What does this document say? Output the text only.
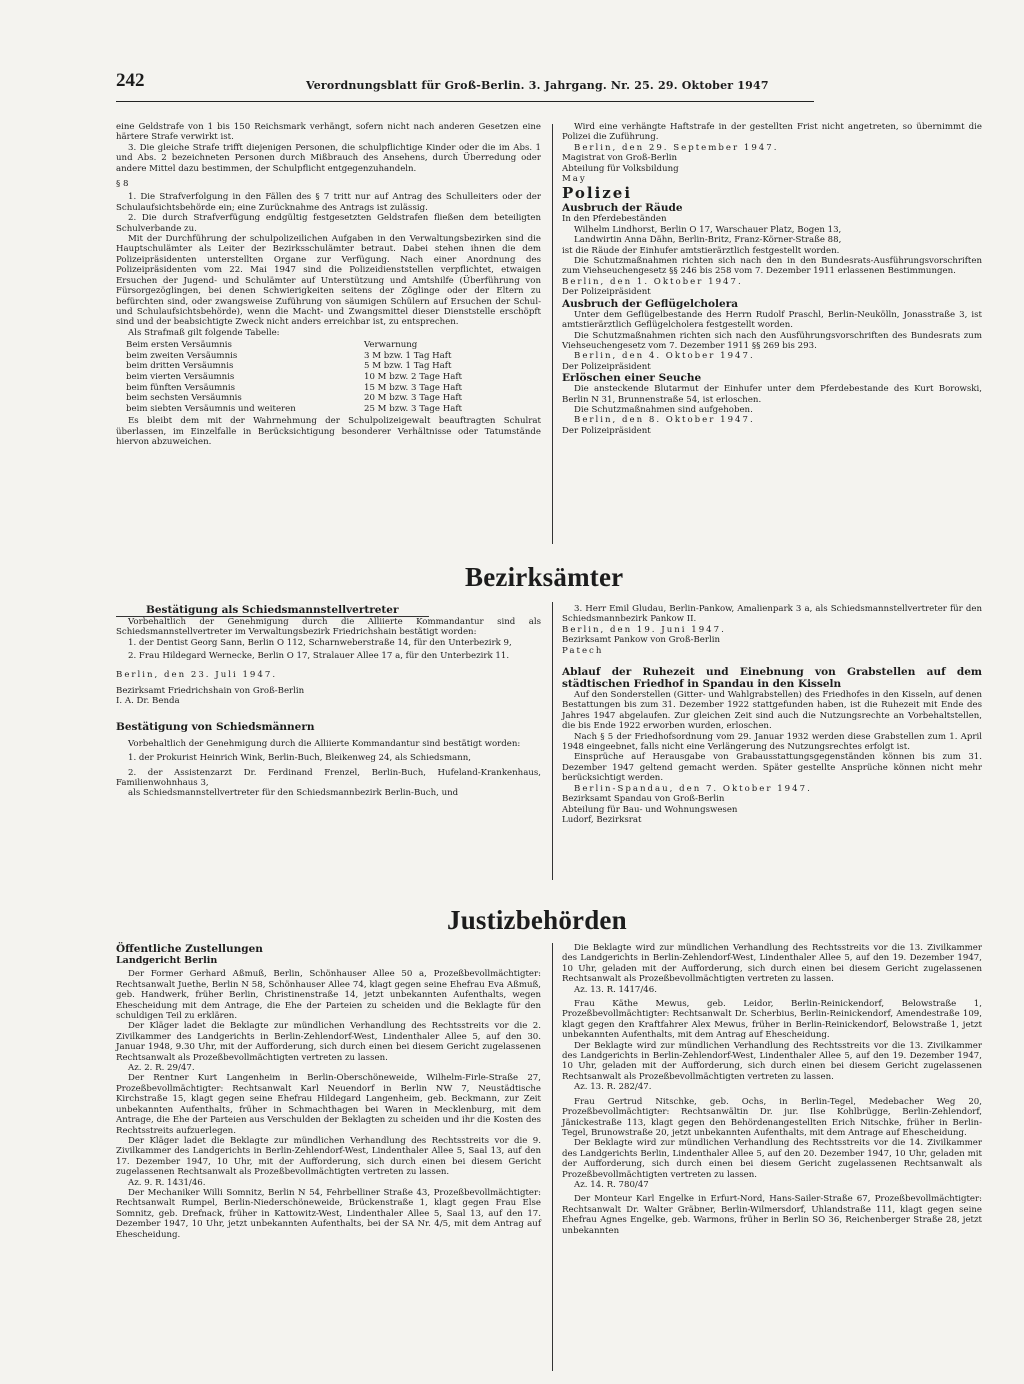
242	Verordnungsblatt für Groß-Berlin. 3. Jahrgang. Nr. 25. 29. Oktober 1947

eine Geldstrafe von 1 bis 150 Reichsmark verhängt, sofern nicht nach anderen Gesetzen eine härtere Strafe verwirkt ist.

3. Die gleiche Strafe trifft diejenigen Personen, die schulpflichtige Kinder oder die im Abs. 1 und Abs. 2 bezeichneten Personen durch Mißbrauch des Ansehens, durch Überredung oder andere Mittel dazu bestimmen, der Schulpflicht entgegenzuhandeln.

§ 8

1. Die Strafverfolgung in den Fällen des § 7 tritt nur auf Antrag des Schulleiters oder der Schulaufsichtsbehörde ein; eine Zurücknahme des Antrags ist zulässig.

2. Die durch Strafverfügung endgültig festgesetzten Geldstrafen fließen dem beteiligten Schulverbande zu.

Mit der Durchführung der schulpolizeilichen Aufgaben in den Verwaltungsbezirken sind die Hauptschulämter als Leiter der Bezirksschulämter betraut. Dabei stehen ihnen die dem Polizeipräsidenten unterstellten Organe zur Verfügung. Nach einer Anordnung des Polizeipräsidenten vom 22. Mai 1947 sind die Polizeidienststellen verpflichtet, etwaigen Ersuchen der Jugend- und Schulämter auf Unterstützung und Amtshilfe (Überführung von Fürsorgezöglingen, bei denen Schwierigkeiten seitens der Zöglinge oder der Eltern zu befürchten sind, oder zwangsweise Zuführung von säumigen Schülern auf Ersuchen der Schul- und Schulaufsichtsbehörde), wenn die Macht- und Zwangsmittel dieser Dienststelle erschöpft sind und der beabsichtigte Zweck nicht anders erreichbar ist, zu entsprechen.

Als Strafmaß gilt folgende Tabelle:

Beim ersten Versäumnis	Verwarnung
beim zweiten Versäumnis	3 M bzw. 1 Tag Haft
beim dritten Versäumnis	5 M bzw. 1 Tag Haft
beim vierten Versäumnis	10 M bzw. 2 Tage Haft
beim fünften Versäumnis	15 M bzw. 3 Tage Haft
beim sechsten Versäumnis	20 M bzw. 3 Tage Haft
beim siebten Versäumnis und weiteren	25 M bzw. 3 Tage Haft

Es bleibt dem mit der Wahrnehmung der Schulpolizeigewalt beauftragten Schulrat überlassen, im Einzelfalle in Berücksichtigung besonderer Verhältnisse oder Tatumstände hiervon abzuweichen.

Wird eine verhängte Haftstrafe in der gestellten Frist nicht angetreten, so übernimmt die Polizei die Zuführung.

Berlin, den 29. September 1947.

Magistrat von Groß-Berlin

Abteilung für Volksbildung

May

Polizei

Ausbruch der Räude

In den Pferdebeständen

Wilhelm Lindhorst, Berlin O 17, Warschauer Platz, Bogen 13,

Landwirtin Anna Dähn, Berlin-Britz, Franz-Körner-Straße 88,

ist die Räude der Einhufer amtstierärztlich festgestellt worden.

Die Schutzmaßnahmen richten sich nach den in den Bundesrats-Ausführungsvorschriften zum Viehseuchengesetz §§ 246 bis 258 vom 7. Dezember 1911 erlassenen Bestimmungen.

Berlin, den 1. Oktober 1947.

Der Polizeipräsident

Ausbruch der Geflügelcholera

Unter dem Geflügelbestande des Herrn Rudolf Praschl, Berlin-Neukölln, Jonasstraße 3, ist amtstierärztlich Geflügelcholera festgestellt worden.

Die Schutzmaßnahmen richten sich nach den Ausführungsvorschriften des Bundesrats zum Viehseuchengesetz vom 7. Dezember 1911 §§ 269 bis 293.

Berlin, den 4. Oktober 1947.

Der Polizeipräsident

Erlöschen einer Seuche

Die ansteckende Blutarmut der Einhufer unter dem Pferdebestande des Kurt Borowski, Berlin N 31, Brunnenstraße 54, ist erloschen.

Die Schutzmaßnahmen sind aufgehoben.

Berlin, den 8. Oktober 1947.

Der Polizeipräsident

Bezirksämter

Bestätigung als Schiedsmannstellvertreter

Vorbehaltlich der Genehmigung durch die Alliierte Kommandantur sind als Schiedsmannstellvertreter im Verwaltungsbezirk Friedrichshain bestätigt worden:

1. der Dentist Georg Sann, Berlin O 112, Scharnweberstraße 14, für den Unterbezirk 9,

2. Frau Hildegard Wernecke, Berlin O 17, Stralauer Allee 17 a, für den Unterbezirk 11.

Berlin, den 23. Juli 1947.

Bezirksamt Friedrichshain von Groß-Berlin

I. A. Dr. Benda

Bestätigung von Schiedsmännern

Vorbehaltlich der Genehmigung durch die Alliierte Kommandantur sind bestätigt worden:

1. der Prokurist Heinrich Wink, Berlin-Buch, Bleikenweg 24, als Schiedsmann,

2. der Assistenzarzt Dr. Ferdinand Frenzel, Berlin-Buch, Hufeland-Krankenhaus, Familienwohnhaus 3,

als Schiedsmannstellvertreter für den Schiedsmannbezirk Berlin-Buch, und

3. Herr Emil Gludau, Berlin-Pankow, Amalienpark 3 a, als Schiedsmannstellvertreter für den Schiedsmannbezirk Pankow II.

Berlin, den 19. Juni 1947.

Bezirksamt Pankow von Groß-Berlin

Patech

Ablauf der Ruhezeit und Einebnung von Grabstellen auf dem städtischen Friedhof in Spandau in den Kisseln

Auf den Sonderstellen (Gitter- und Wahlgrabstellen) des Friedhofes in den Kisseln, auf denen Bestattungen bis zum 31. Dezember 1922 stattgefunden haben, ist die Ruhezeit mit Ende des Jahres 1947 abgelaufen. Zur gleichen Zeit sind auch die Nutzungsrechte an Vorbehaltstellen, die bis Ende 1922 erworben wurden, erloschen.

Nach § 5 der Friedhofsordnung vom 29. Januar 1932 werden diese Grabstellen zum 1. April 1948 eingeebnet, falls nicht eine Verlängerung des Nutzungsrechtes erfolgt ist.

Einsprüche auf Herausgabe von Grabausstattungsgegenständen können bis zum 31. Dezember 1947 geltend gemacht werden. Später gestellte Ansprüche können nicht mehr berücksichtigt werden.

Berlin-Spandau, den 7. Oktober 1947.

Bezirksamt Spandau von Groß-Berlin

Abteilung für Bau- und Wohnungswesen

Ludorf, Bezirksrat

Justizbehörden

Öffentliche Zustellungen

Landgericht Berlin

Der Former Gerhard Aßmuß, Berlin, Schönhauser Allee 50 a, Prozeßbevollmächtigter: Rechtsanwalt Juethe, Berlin N 58, Schönhauser Allee 74, klagt gegen seine Ehefrau Eva Aßmuß, geb. Handwerk, früher Berlin, Christinenstraße 14, jetzt unbekannten Aufenthalts, wegen Ehescheidung mit dem Antrage, die Ehe der Parteien zu scheiden und die Beklagte für den schuldigen Teil zu erklären.

Der Kläger ladet die Beklagte zur mündlichen Verhandlung des Rechtsstreits vor die 2. Zivilkammer des Landgerichts in Berlin-Zehlendorf-West, Lindenthaler Allee 5, auf den 30. Januar 1948, 9.30 Uhr, mit der Aufforderung, sich durch einen bei diesem Gericht zugelassenen Rechtsanwalt als Prozeßbevollmächtigten vertreten zu lassen.

Az. 2. R. 29/47.

Der Rentner Kurt Langenheim in Berlin-Oberschöneweide, Wilhelm-Firle-Straße 27, Prozeßbevollmächtigter: Rechtsanwalt Karl Neuendorf in Berlin NW 7, Neustädtische Kirchstraße 15, klagt gegen seine Ehefrau Hildegard Langenheim, geb. Beckmann, zur Zeit unbekannten Aufenthalts, früher in Schmachthagen bei Waren in Mecklenburg, mit dem Antrage, die Ehe der Parteien aus Verschulden der Beklagten zu scheiden und ihr die Kosten des Rechtsstreits aufzuerlegen.

Der Kläger ladet die Beklagte zur mündlichen Verhandlung des Rechtsstreits vor die 9. Zivilkammer des Landgerichts in Berlin-Zehlendorf-West, Lindenthaler Allee 5, Saal 13, auf den 17. Dezember 1947, 10 Uhr, mit der Aufforderung, sich durch einen bei diesem Gericht zugelassenen Rechtsanwalt als Prozeßbevollmächtigten vertreten zu lassen.

Az. 9. R. 1431/46.

Der Mechaniker Willi Somnitz, Berlin N 54, Fehrbelliner Straße 43, Prozeßbevollmächtigter: Rechtsanwalt Rumpel, Berlin-Niederschöneweide, Brückenstraße 1, klagt gegen Frau Else Somnitz, geb. Drefnack, früher in Kattowitz-West, Lindenthaler Allee 5, Saal 13, auf den 17. Dezember 1947, 10 Uhr, jetzt unbekannten Aufenthalts, bei der SA Nr. 4/5, mit dem Antrag auf Ehescheidung.

Die Beklagte wird zur mündlichen Verhandlung des Rechtsstreits vor die 13. Zivilkammer des Landgerichts in Berlin-Zehlendorf-West, Lindenthaler Allee 5, auf den 19. Dezember 1947, 10 Uhr, geladen mit der Aufforderung, sich durch einen bei diesem Gericht zugelassenen Rechtsanwalt als Prozeßbevollmächtigten vertreten zu lassen.

Az. 13. R. 1417/46.

Frau Käthe Mewus, geb. Leidor, Berlin-Reinickendorf, Belowstraße 1, Prozeßbevollmächtigter: Rechtsanwalt Dr. Scherbius, Berlin-Reinickendorf, Amendestraße 109, klagt gegen den Kraftfahrer Alex Mewus, früher in Berlin-Reinickendorf, Belowstraße 1, jetzt unbekannten Aufenthalts, mit dem Antrag auf Ehescheidung.

Der Beklagte wird zur mündlichen Verhandlung des Rechtsstreits vor die 13. Zivilkammer des Landgerichts in Berlin-Zehlendorf-West, Lindenthaler Allee 5, auf den 19. Dezember 1947, 10 Uhr, geladen mit der Aufforderung, sich durch einen bei diesem Gericht zugelassenen Rechtsanwalt als Prozeßbevollmächtigten vertreten zu lassen.

Az. 13. R. 282/47.

Frau Gertrud Nitschke, geb. Ochs, in Berlin-Tegel, Medebacher Weg 20, Prozeßbevollmächtigter: Rechtsanwältin Dr. jur. Ilse Kohlbrügge, Berlin-Zehlendorf, Jänickestraße 113, klagt gegen den Behördenangestellten Erich Nitschke, früher in Berlin-Tegel, Brunowstraße 20, jetzt unbekannten Aufenthalts, mit dem Antrage auf Ehescheidung.

Der Beklagte wird zur mündlichen Verhandlung des Rechtsstreits vor die 14. Zivilkammer des Landgerichts Berlin, Lindenthaler Allee 5, auf den 20. Dezember 1947, 10 Uhr, geladen mit der Aufforderung, sich durch einen bei diesem Gericht zugelassenen Rechtsanwalt als Prozeßbevollmächtigten vertreten zu lassen.

Az. 14. R. 780/47

Der Monteur Karl Engelke in Erfurt-Nord, Hans-Sailer-Straße 67, Prozeßbevollmächtigter: Rechtsanwalt Dr. Walter Gräbner, Berlin-Wilmersdorf, Uhlandstraße 111, klagt gegen seine Ehefrau Agnes Engelke, geb. Warmons, früher in Berlin SO 36, Reichenberger Straße 28, jetzt unbekannten
